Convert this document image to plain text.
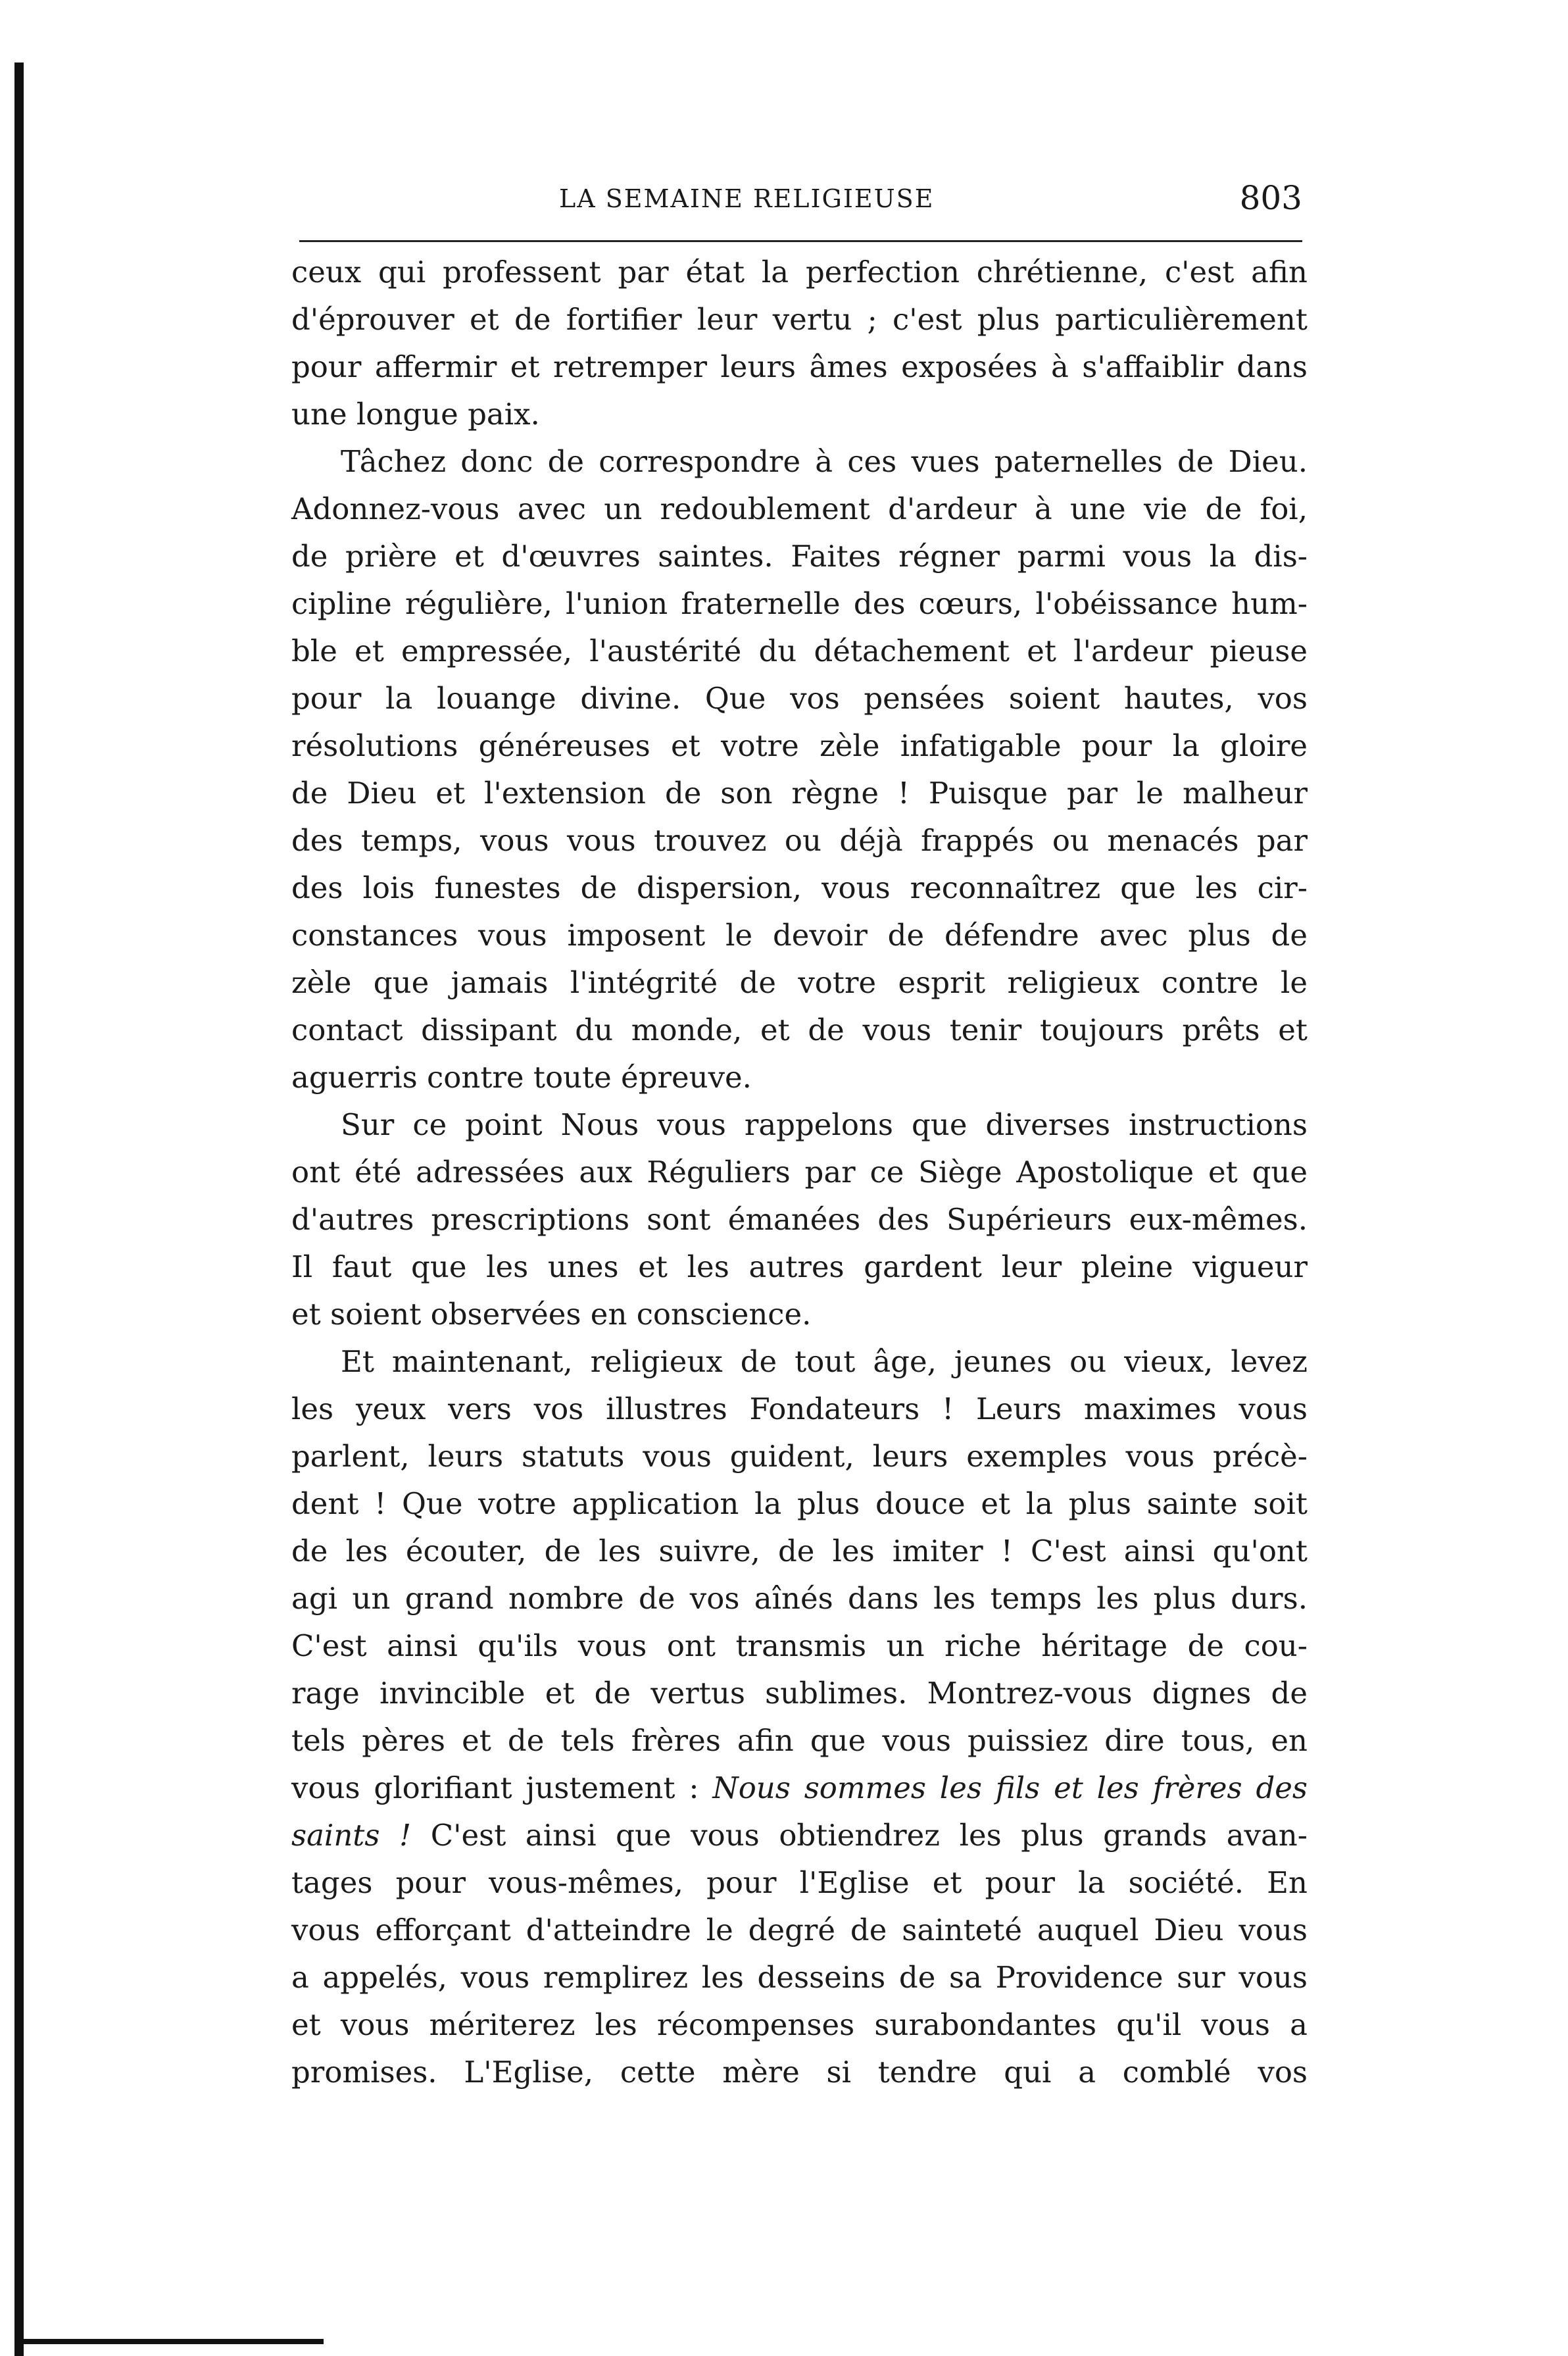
LA SEMAINE RELIGIEUSE	803
ceux qui professent par état la perfection chrétienne, c'est afin
d'éprouver et de fortifier leur vertu ; c'est plus particulièrement
pour affermir et retremper leurs âmes exposées à s'affaiblir dans
une longue paix.
Tâchez donc de correspondre à ces vues paternelles de Dieu.
Adonnez-vous avec un redoublement d'ardeur à une vie de foi,
de prière et d'œuvres saintes. Faites régner parmi vous la dis-
cipline régulière, l'union fraternelle des cœurs, l'obéissance hum-
ble et empressée, l'austérité du détachement et l'ardeur pieuse
pour la louange divine. Que vos pensées soient hautes, vos
résolutions généreuses et votre zèle infatigable pour la gloire
de Dieu et l'extension de son règne ! Puisque par le malheur
des temps, vous vous trouvez ou déjà frappés ou menacés par
des lois funestes de dispersion, vous reconnaîtrez que les cir-
constances vous imposent le devoir de défendre avec plus de
zèle que jamais l'intégrité de votre esprit religieux contre le
contact dissipant du monde, et de vous tenir toujours prêts et
aguerris contre toute épreuve.
Sur ce point Nous vous rappelons que diverses instructions
ont été adressées aux Réguliers par ce Siège Apostolique et que
d'autres prescriptions sont émanées des Supérieurs eux-mêmes.
Il faut que les unes et les autres gardent leur pleine vigueur
et soient observées en conscience.
Et maintenant, religieux de tout âge, jeunes ou vieux, levez
les yeux vers vos illustres Fondateurs ! Leurs maximes vous
parlent, leurs statuts vous guident, leurs exemples vous précè-
dent ! Que votre application la plus douce et la plus sainte soit
de les écouter, de les suivre, de les imiter ! C'est ainsi qu'ont
agi un grand nombre de vos aînés dans les temps les plus durs.
C'est ainsi qu'ils vous ont transmis un riche héritage de cou-
rage invincible et de vertus sublimes. Montrez-vous dignes de
tels pères et de tels frères afin que vous puissiez dire tous, en
vous glorifiant justement : Nous sommes les fils et les frères des
saints ! C'est ainsi que vous obtiendrez les plus grands avan-
tages pour vous-mêmes, pour l'Eglise et pour la société. En
vous efforçant d'atteindre le degré de sainteté auquel Dieu vous
a appelés, vous remplirez les desseins de sa Providence sur vous
et vous mériterez les récompenses surabondantes qu'il vous a
promises. L'Eglise, cette mère si tendre qui a comblé vos
